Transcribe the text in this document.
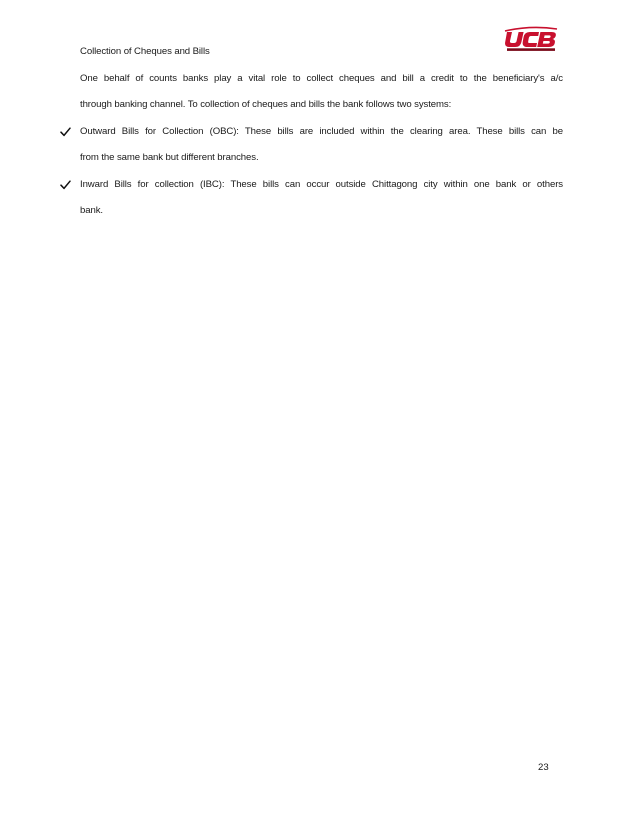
Collection of Cheques and Bills
One behalf of counts banks play a vital role to collect cheques and bill a credit to the beneficiary's a/c
through banking channel. To collection of cheques and bills the bank follows two systems:
Outward Bills for Collection (OBC): These bills are included within the clearing area. These bills can be
from the same bank but different branches.
Inward Bills for collection (IBC): These bills can occur outside Chittagong city within one bank or others
bank.
23
